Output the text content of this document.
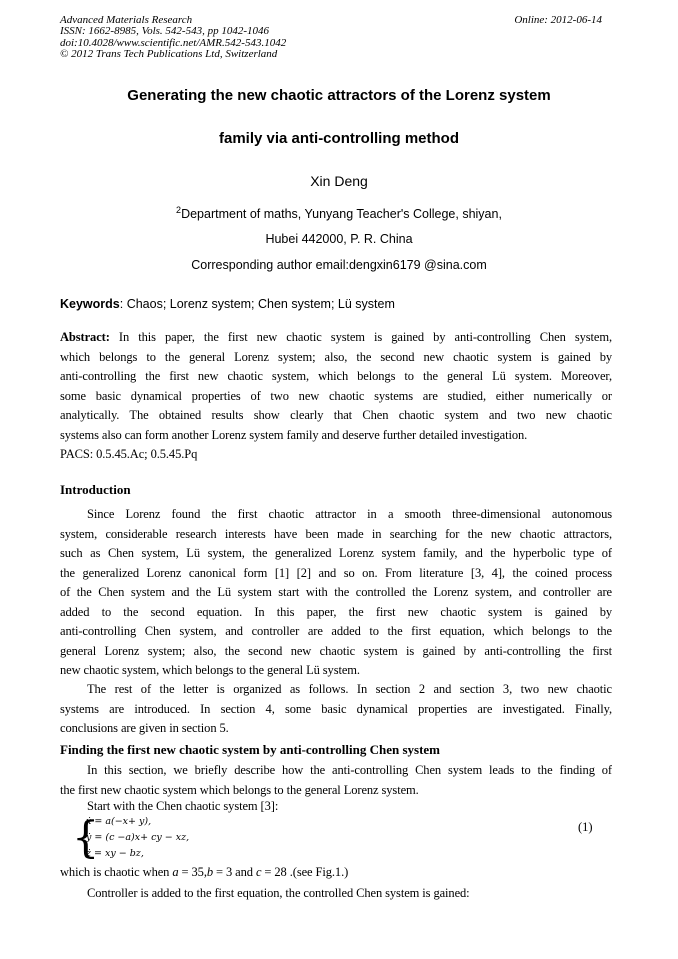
Online: 2012-06-14
Advanced Materials Research
ISSN: 1662-8985, Vols. 542-543, pp 1042-1046
doi:10.4028/www.scientific.net/AMR.542-543.1042
© 2012 Trans Tech Publications Ltd, Switzerland
Generating the new chaotic attractors of the Lorenz system
family via anti-controlling method
Xin Deng
$^2$Department of maths, Yunyang Teacher's College, shiyan,
Hubei 442000, P. R. China
Corresponding author email:dengxin6179 @sina.com
Keywords: Chaos; Lorenz system; Chen system; Lü system
Abstract: In this paper, the first new chaotic system is gained by anti-controlling Chen system,
which belongs to the general Lorenz system; also, the second new chaotic system is gained by
anti-controlling the first new chaotic system, which belongs to the general Lü system. Moreover,
some basic dynamical properties of two new chaotic systems are studied, either numerically or
analytically. The obtained results show clearly that Chen chaotic system and two new chaotic
systems also can form another Lorenz system family and deserve further detailed investigation.
PACS: 0.5.45.Ac; 0.5.45.Pq
Introduction
Since Lorenz found the first chaotic attractor in a smooth three-dimensional autonomous
system, considerable research interests have been made in searching for the new chaotic attractors,
such as Chen system, Lü system, the generalized Lorenz system family, and the hyperbolic type of
the generalized Lorenz canonical form [1] [2] and so on. From literature [3, 4], the coined process
of the Chen system and the Lü system start with the controlled the Lorenz system, and controller are
added to the second equation. In this paper, the first new chaotic system is gained by
anti-controlling Chen system, and controller are added to the first equation, which belongs to the
general Lorenz system; also, the second new chaotic system is gained by anti-controlling the first
new chaotic system, which belongs to the general Lü system.
The rest of the letter is organized as follows. In section 2 and section 3, two new chaotic
systems are introduced. In section 4, some basic dynamical properties are investigated. Finally,
conclusions are given in section 5.
Finding the first new chaotic system by anti-controlling Chen system
In this section, we briefly describe how the anti-controlling Chen system leads to the finding of
the first new chaotic system which belongs to the general Lorenz system.
Start with the Chen chaotic system [3]:
{
ẋ = a(−x+ y),
ẏ = (c −a)x+ cy − xz,
ż = xy − bz,
(1)
which is chaotic when a = 35,b = 3 and c = 28 .(see Fig.1.)
Controller is added to the first equation, the controlled Chen system is gained:
